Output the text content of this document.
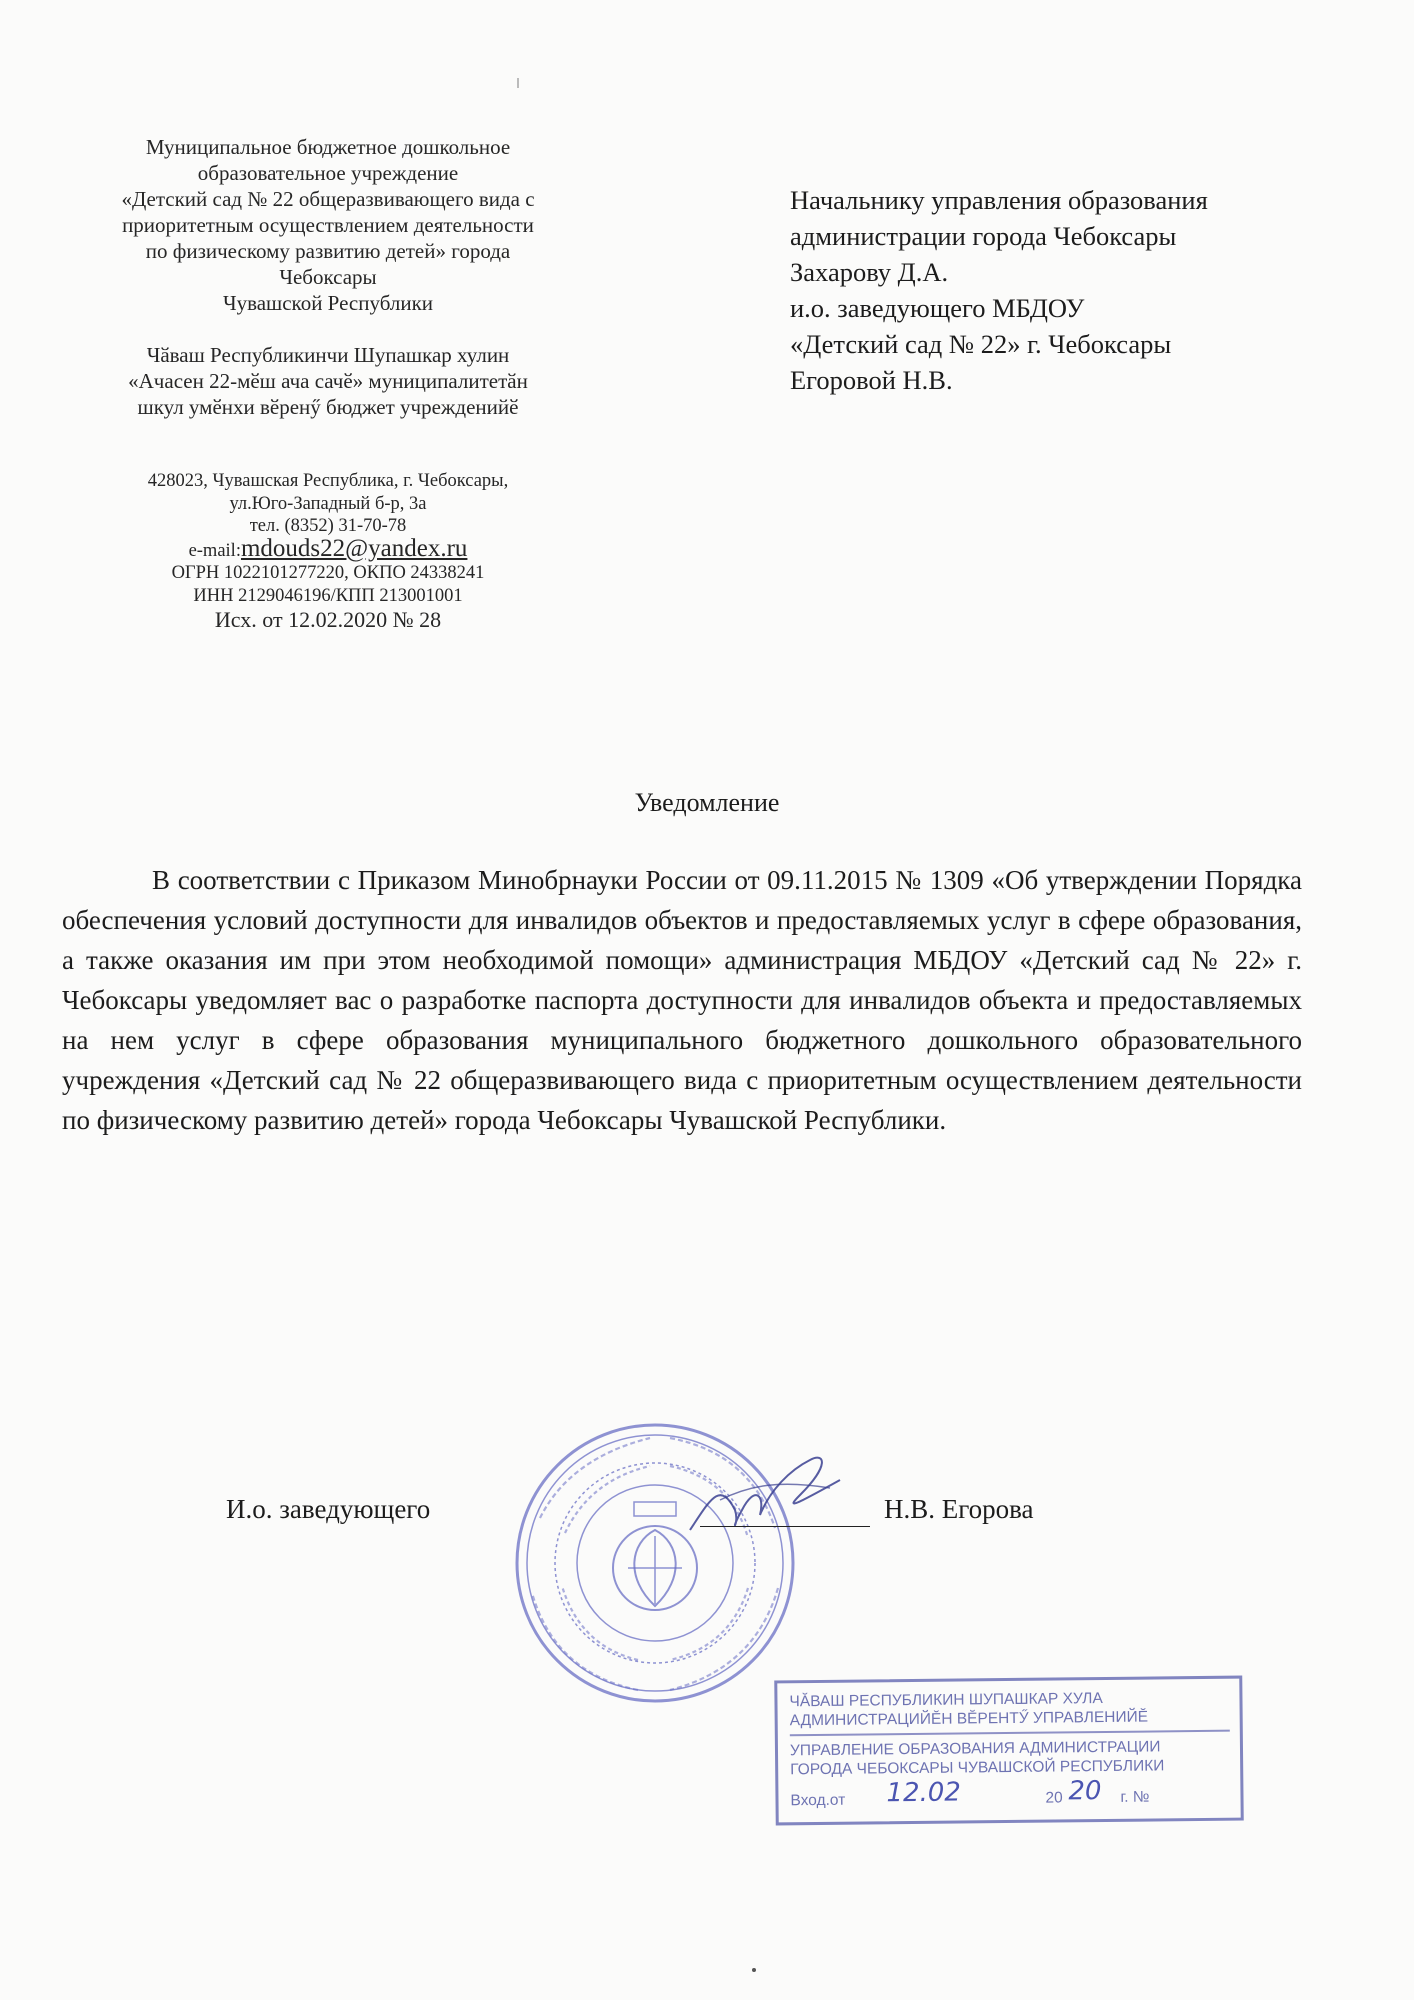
Муниципальное бюджетное дошкольное
образовательное учреждение
«Детский сад № 22 общеразвивающего вида с
приоритетным осуществлением деятельности
по физическому развитию детей» города
Чебоксары
Чувашской Республики
Чӑваш Республикинчи Шупашкар хулин
«Ачасен 22-мӗш ача сачӗ» муниципалитетӑн
шкул умӗнхи вӗренӳ бюджет учрежденийӗ
428023, Чувашская Республика, г. Чебоксары,
ул.Юго-Западный б-р, 3а
тел. (8352) 31-70-78
e-mail:mdouds22@yandex.ru
ОГРН 1022101277220, ОКПО 24338241
ИНН 2129046196/КПП 213001001
Исх. от 12.02.2020 № 28
Начальнику управления образования
администрации города Чебоксары
Захарову Д.А.
и.о. заведующего МБДОУ
«Детский сад № 22» г. Чебоксары
Егоровой Н.В.
Уведомление

В соответствии с Приказом Минобрнауки России от 09.11.2015 № 1309 «Об утверждении Порядка обеспечения условий доступности для инвалидов объектов и предоставляемых услуг в сфере образования, а также оказания им при этом необходимой помощи» администрация МБДОУ «Детский сад № 22» г. Чебоксары уведомляет вас о разработке паспорта доступности для инвалидов объекта и предоставляемых на нем услуг в сфере образования муниципального бюджетного дошкольного образовательного учреждения «Детский сад № 22 общеразвивающего вида с приоритетным осуществлением деятельности по физическому развитию детей» города Чебоксары Чувашской Республики.

И.о. заведующего	Н.В. Егорова
ЧӐВАШ РЕСПУБЛИКИН ШУПАШКАР ХУЛА
АДМИНИСТРАЦИЙӖН ВӖРЕНТӲ УПРАВЛЕНИЙӖ
УПРАВЛЕНИЕ ОБРАЗОВАНИЯ АДМИНИСТРАЦИИ
ГОРОДА ЧЕБОКСАРЫ ЧУВАШСКОЙ РЕСПУБЛИКИ
Вход.от 12.02	20 20 г. №
